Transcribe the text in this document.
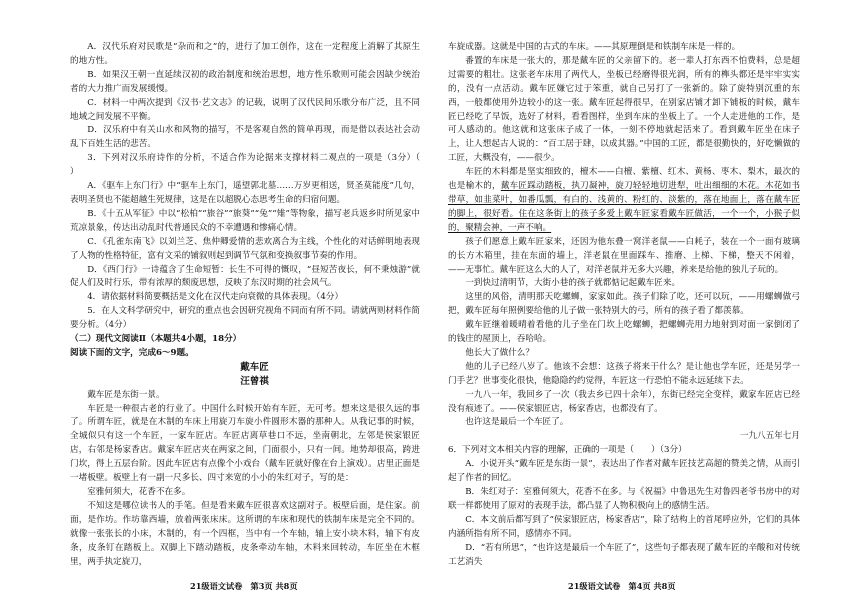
A．汉代乐府对民歌是“杂而和之”的，进行了加工创作，这在一定程度上消解了其原生的地方性。

B．如果汉王朝一直延续汉初的政治制度和统治思想，地方性乐歌则可能会因缺少统治者的大力推广而发展缓慢。

C．材料一中两次提到《汉书·艺文志》的记载，说明了汉代民间乐歌分布广泛，且不同地域之间发展不平衡。

D．汉乐府中有关山水和风物的描写，不是客观自然的简单再现，而是借以表达社会动乱下百姓生活的悲苦。

3．下列对汉乐府诗作的分析，不适合作为论据来支撑材料二观点的一项是（3分）（　　）

A．《驱车上东门行》中“驱车上东门，遥望郭北墓……万岁更相送，贤圣莫能度”几句，表明圣贤也不能超越生死规律，这是在以超脱心态思考生命的归宿问题。

B．《十五从军征》中以“松柏”“旅谷”“旅葵”“兔”“雉”等物象，描写老兵返乡时所见家中荒凉景象，传达出动乱时代普通民众的不幸遭遇和惨痛心情。

C．《孔雀东南飞》以刘兰芝、焦仲卿爱情的悲欢离合为主线，个性化的对话鲜明地表现了人物的性格特征，富有文采的铺叙则起到调节气氛和变换叙事节奏的作用。

D．《西门行》一诗蕴含了生命短暂：长生不可得的慨叹，“昼短苦夜长，何不秉烛游”就促人们及时行乐，带有浓厚的颓废思想，反映了东汉时期的社会风气。

4．请依据材料简要概括是文化在汉代走向衰微的具体表现。（4分）

5．在人文科学研究中，研究的重点也会因研究视角不同而有所不同。请就两则材料作简要分析。（4分）

（二）现代文阅读Ⅱ（本题共4小题，18分）

阅读下面的文字，完成6～9题。

戴车匠

汪曾祺

戴车匠是东街一景。

车匠是一种很古老的行业了。中国什么时候开始有车匠，无可考。想来这是很久远的事了。所谓车匠，就是在木制的车床上用旋刀车旋小件圆形木器的那种人。从我记事的时候，全城似只有这一个车匠，一家车匠店。车匠店离草巷口不远，坐南朝北，左邻是侯家银匠店，右邻是杨家香店。戴家车匠店夹在两家之间，门面很小，只有一间。地势却很高，跨进门坎，得上五层台阶。因此车匠店有点像个小戏台（戴车匠就好像在台上演戏）。店里正面是一堵板壁。板壁上有一副一尺多长、四寸来宽的小小的朱红对子，写的是：

室雅何须大，花香不在多。

不知这是哪位读书人的手笔。但是看来戴车匠很喜欢这副对子。板壁后面，是住家。前面，是作坊。作坊靠西墙，放着两张床床。这所谓的车床和现代的铁制车床是完全不同的。就像一张张长的小床，木制的，有一个四框，当中有一个车轴，轴上安小块木料，轴下有皮条，皮条钉在踏板上。双脚上下踏动踏板，皮条牵动车轴，木料来回转动，车匠坐在木框里，两手执定旋刀，

车旋成器。这就是中国的古式的车床。——其原理倒是和铁制车床是一样的。

番置的车床是一张大的，那是戴车匠的父亲留下的。老一辈人打东西不怕费料，总是超过需要的粗壮。这张老车床用了两代人，坐板已经磨得很光润，所有的榫头都还是牢牢实实的，没有一点活动。戴车匠嫌它过于笨重，就自己另打了一张新的。除了旋特别沉重的东西，一般都使用外边较小的这一张。戴车匠起得很早，在别家店铺才卸下铺板的时候，戴车匠已经吃了早饭，选好了材料，看看图样，坐到车床的坐板上了。一个人走进他的工作，是可人感动的。他这就和这张床子成了一体，一刻不停地就起活来了。看到戴车匠坐在床子上，让人想起古人说的：“百工居于肆，以成其器。”中国的工匠，都是很勤快的，好吃懒做的工匠，大概没有，——很少。

车匠的木料都是坚实细致的，檀木——白檀、紫檀、红木、黄杨、枣木、梨木，最次的也是榆木的，戴车匠踩动踏板，执刀凝神，旋刀轻轻地切进犁，吐出细细的木花。木花如书带草，如韭菜叶，如番瓜瓢，有白的、浅黄的、粉红的、淡紫的，落在地面上，落在戴车匠的脚上，很好看。住在这条街上的孩子多爱上戴车匠家看戴车匠做活，一个一个，小猴子似的，聚精会神，一声不响。

孩子们愿意上戴车匠家来，还因为他东叠一窝洋老鼠——白耗子，装在一个一面有玻璃的长方木箱里，挂在东面的墙上，洋老鼠在里面踩车、推磨、上梯、下梯，整天不闲着，——无事忙。戴车匠这么大的人了，对洋老鼠并无多大兴趣，养来是给他的独儿子玩的。

一到快过清明节，大街小巷的孩子就都惦记起戴车匠来。

这里的风俗，清明那天吃螺蛳，家家如此。孩子们除了吃，还可以玩，——用螺蛳做弓把，戴车匠每年照例要给他的儿子做一张特别大的弓，所有的孩子看了都羡慕。

戴车匠继着暖晴着看他的儿子坐在门坎上吃螺蛳，把螺蛳壳用力地射到对面一家倒闭了的钱庄的屋顶上，吞哈哈。

他长大了做什么？

他的儿子已经八岁了。他该不会想：这孩子将来干什么？是让他也学车匠，还是另学一门手艺？世事变化很快，他隐隐约约觉得，车匠这一行恐怕不能永远延续下去。

一九八一年，我回乡了一次（我去乡已四十余年），东街已经完全变样，戴家车匠店已经没有痕迹了。——侯家银匠店，杨家香店，也都没有了。

也许这是最后一个车匠了。

一九八五年七月

6．下列对文本相关内容的理解，正确的一项是（　　）（3分）

A．小说开头“戴车匠是东街一景”，表达出了作者对戴车匠技艺高超的赞美之情，从而引起了作者的回忆。

B．朱红对子：室雅何须大，花香不在多。与《祝福》中鲁迅先生对鲁四老爷书房中的对联一样都使用了原对的表现手法，都凸显了人物积极向上的感情生活。

C．本文前后都写到了“侯家银匠店，杨家香店”，除了结构上的首尾呼应外，它们的具体内涵所指有所不同，感情亦不同。

D．“若有所思”，“也许这是最后一个车匠了”，这些句子都表现了戴车匠的辛酸和对传统工艺消失

21级语文试卷　第3页 共8页	21级语文试卷　第4页 共8页
